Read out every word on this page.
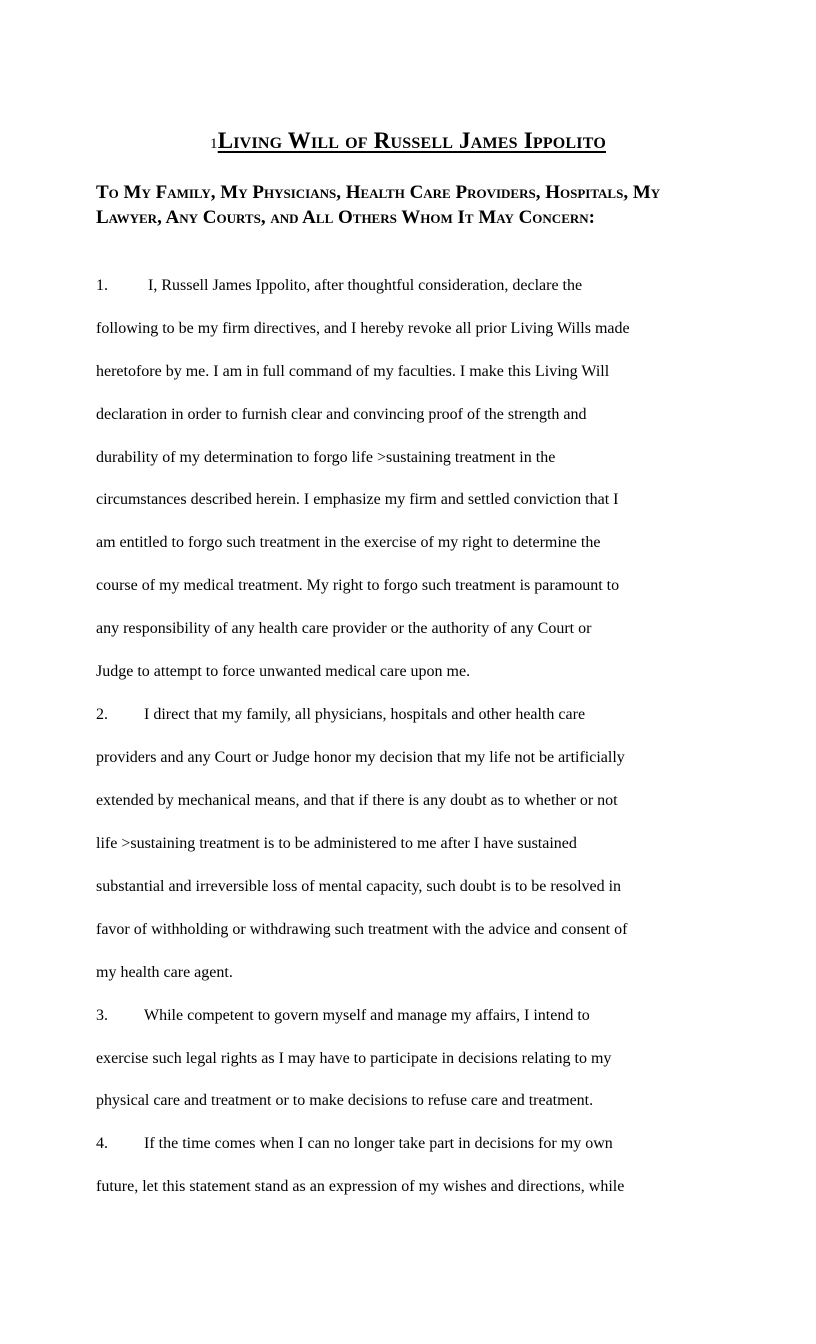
1Living Will of Russell James Ippolito
To My Family, My Physicians, Health Care Providers, Hospitals, My Lawyer, Any Courts, and All Others Whom It May Concern:
1.	I, Russell James Ippolito, after thoughtful consideration, declare the
following to be my firm directives, and I hereby revoke all prior Living Wills made
heretofore by me. I am in full command of my faculties. I make this Living Will
declaration in order to furnish clear and convincing proof of the strength and
durability of my determination to forgo life >sustaining treatment in the
circumstances described herein. I emphasize my firm and settled conviction that I
am entitled to forgo such treatment in the exercise of my right to determine the
course of my medical treatment. My right to forgo such treatment is paramount to
any responsibility of any health care provider or the authority of any Court or
Judge to attempt to force unwanted medical care upon me.
2. I direct that my family, all physicians, hospitals and other health care
providers and any Court or Judge honor my decision that my life not be artificially
extended by mechanical means, and that if there is any doubt as to whether or not
life >sustaining treatment is to be administered to me after I have sustained
substantial and irreversible loss of mental capacity, such doubt is to be resolved in
favor of withholding or withdrawing such treatment with the advice and consent of
my health care agent.
3. While competent to govern myself and manage my affairs, I intend to
exercise such legal rights as I may have to participate in decisions relating to my
physical care and treatment or to make decisions to refuse care and treatment.
4. If the time comes when I can no longer take part in decisions for my own
future, let this statement stand as an expression of my wishes and directions, while
